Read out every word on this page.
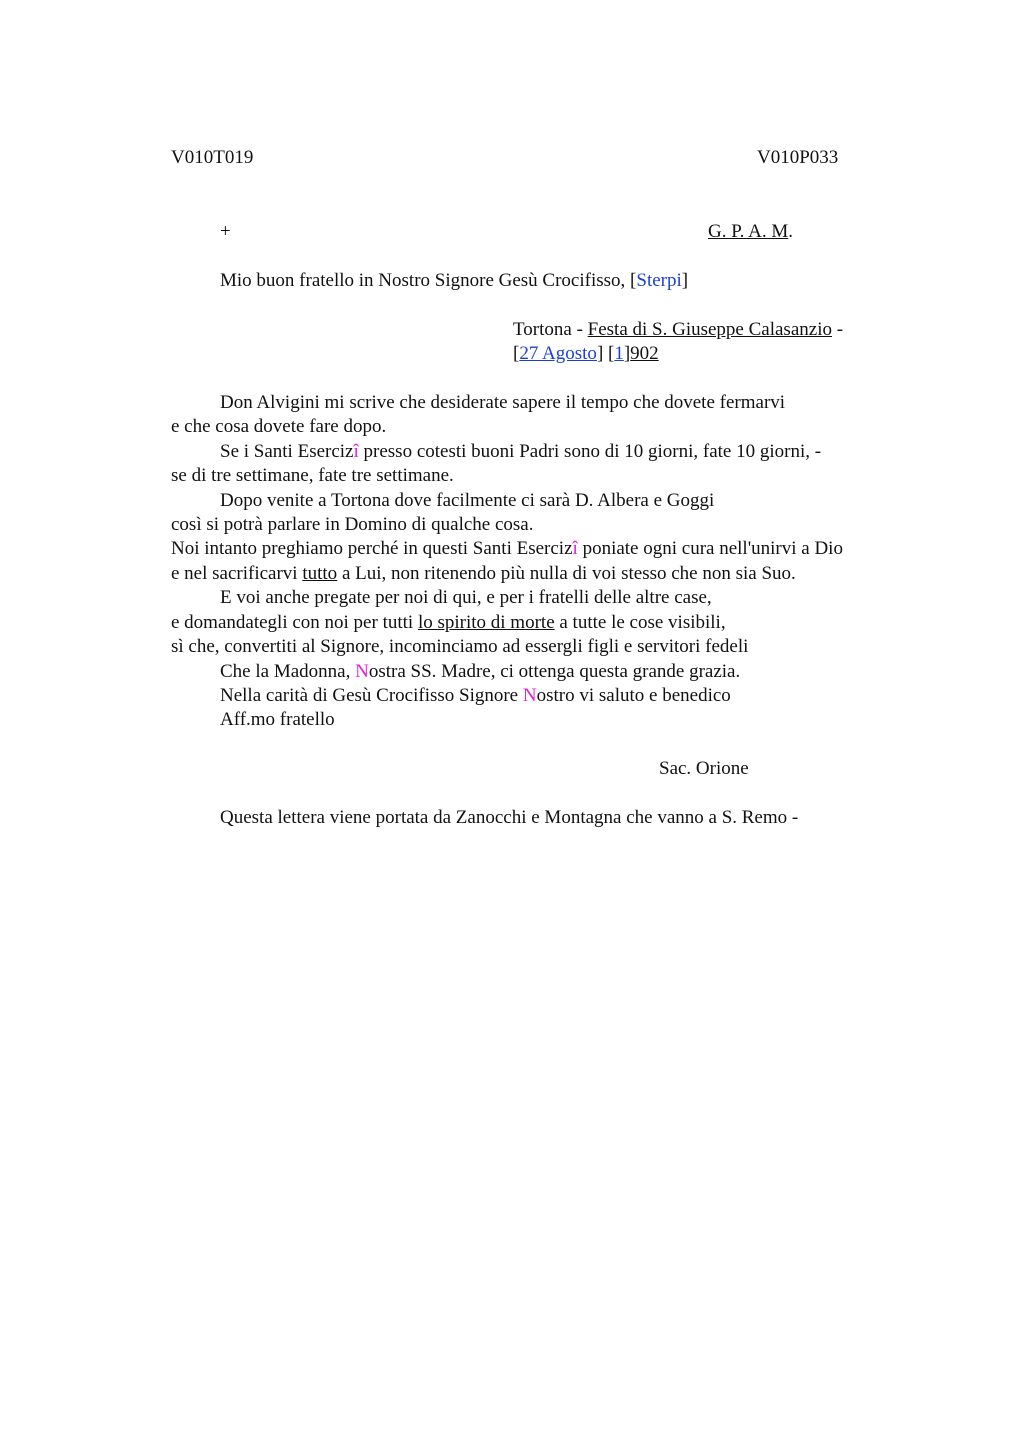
V010T019	V010P033
+	G. P. A. M.
Mio buon fratello in Nostro Signore Gesù Crocifisso, [Sterpi]
Tortona - Festa di S. Giuseppe Calasanzio -
[27 Agosto] [1]902
Don Alvigini mi scrive che desiderate sapere il tempo che dovete fermarvi
e che cosa dovete fare dopo.
Se i Santi Esercizî presso cotesti buoni Padri sono di 10 giorni, fate 10 giorni, -
se di tre settimane, fate tre settimane.
Dopo venite a Tortona dove facilmente ci sarà D. Albera e Goggi
così si potrà parlare in Domino di qualche cosa.
Noi intanto preghiamo perché in questi Santi Esercizî poniate ogni cura nell'unirvi a Dio
e nel sacrificarvi tutto a Lui, non ritenendo più nulla di voi stesso che non sia Suo.
E voi anche pregate per noi di qui, e per i fratelli delle altre case,
e domandategli con noi per tutti lo spirito di morte a tutte le cose visibili,
sì che, convertiti al Signore, incominciamo ad essergli figli e servitori fedeli
Che la Madonna, Nostra SS. Madre, ci ottenga questa grande grazia.
Nella carità di Gesù Crocifisso Signore Nostro vi saluto e benedico
Aff.mo fratello
Sac. Orione
Questa lettera viene portata da Zanocchi e Montagna che vanno a S. Remo -
